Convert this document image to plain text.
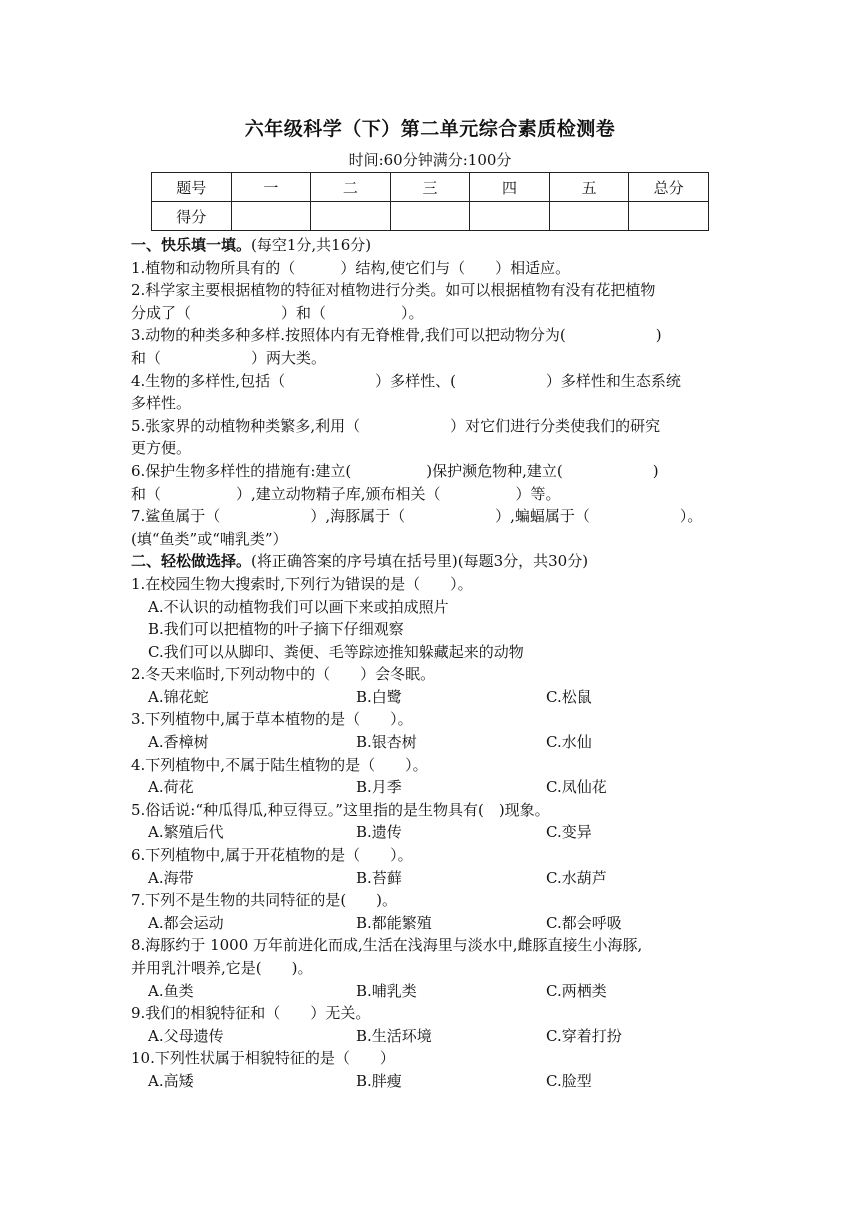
六年级科学（下）第二单元综合素质检测卷
时间:60分钟满分:100分
题号	一	二	三	四	五	总分
得分						
一、快乐填一填。(每空1分,共16分)
1.植物和动物所具有的（　　　）结构,使它们与（　　）相适应。
2.科学家主要根据植物的特征对植物进行分类。如可以根据植物有没有花把植物
分成了（　　　　　　）和（　　　　　）。
3.动物的种类多种多样.按照体内有无脊椎骨,我们可以把动物分为(　　　　　　)
和（　　　　　　）两大类。
4.生物的多样性,包括（　　　　　　）多样性、(　　　　　　）多样性和生态系统
多样性。
5.张家界的动植物种类繁多,利用（　　　　　　）对它们进行分类使我们的研究
更方便。
6.保护生物多样性的措施有:建立(　　　　　)保护濒危物种,建立(　　　　　　)
和（　　　　　）,建立动物精子库,颁布相关（　　　　　）等。
7.鲨鱼属于（　　　　　　）,海豚属于（　　　　　　）,蝙蝠属于（　　　　　　）。
(填“鱼类”或“哺乳类”）
二、轻松做选择。(将正确答案的序号填在括号里)(每题3分，共30分)
1.在校园生物大搜索时,下列行为错误的是（　　）。
A.不认识的动植物我们可以画下来或拍成照片
B.我们可以把植物的叶子摘下仔细观察
C.我们可以从脚印、粪便、毛等踪迹推知躲藏起来的动物
2.冬天来临时,下列动物中的（　　）会冬眠。
A.锦花蛇	B.白鹭	C.松鼠
3.下列植物中,属于草本植物的是（　　）。
A.香樟树	B.银杏树	C.水仙
4.下列植物中,不属于陆生植物的是（　　）。
A.荷花	B.月季	C.凤仙花
5.俗话说:“种瓜得瓜,种豆得豆。”这里指的是生物具有(　)现象。
A.繁殖后代	B.遗传	C.变异
6.下列植物中,属于开花植物的是（　　）。
A.海带	B.苔藓	C.水葫芦
7.下列不是生物的共同特征的是(　　)。
A.都会运动	B.都能繁殖	C.都会呼吸
8.海豚约于 1000 万年前进化而成,生活在浅海里与淡水中,雌豚直接生小海豚,
并用乳汁喂养,它是(　　)。
A.鱼类	B.哺乳类	C.两栖类
9.我们的相貌特征和（　　）无关。
A.父母遗传	B.生活环境	C.穿着打扮
10.下列性状属于相貌特征的是（　　）
A.高矮	B.胖瘦	C.脸型
